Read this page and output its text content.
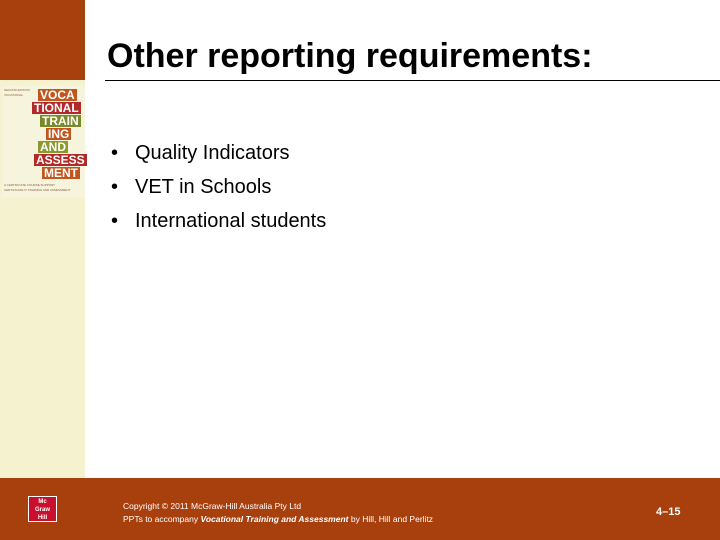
SECOND EDITION
VOCATIONAL VOCA
TIONAL
TRAIN
ING
AND
ASSESS
MENT
A CERTIFICATE COURSE SUPPORT
CERTIFICATE IV TRAINING AND ASSESSMENT
Other reporting requirements:
• Quality Indicators
• VET in Schools
• International students
Mc
Graw
Hill
Copyright © 2011 McGraw-Hill Australia Pty Ltd
PPTs to accompany Vocational Training and Assessment by Hill, Hill and Perlitz
4–15
